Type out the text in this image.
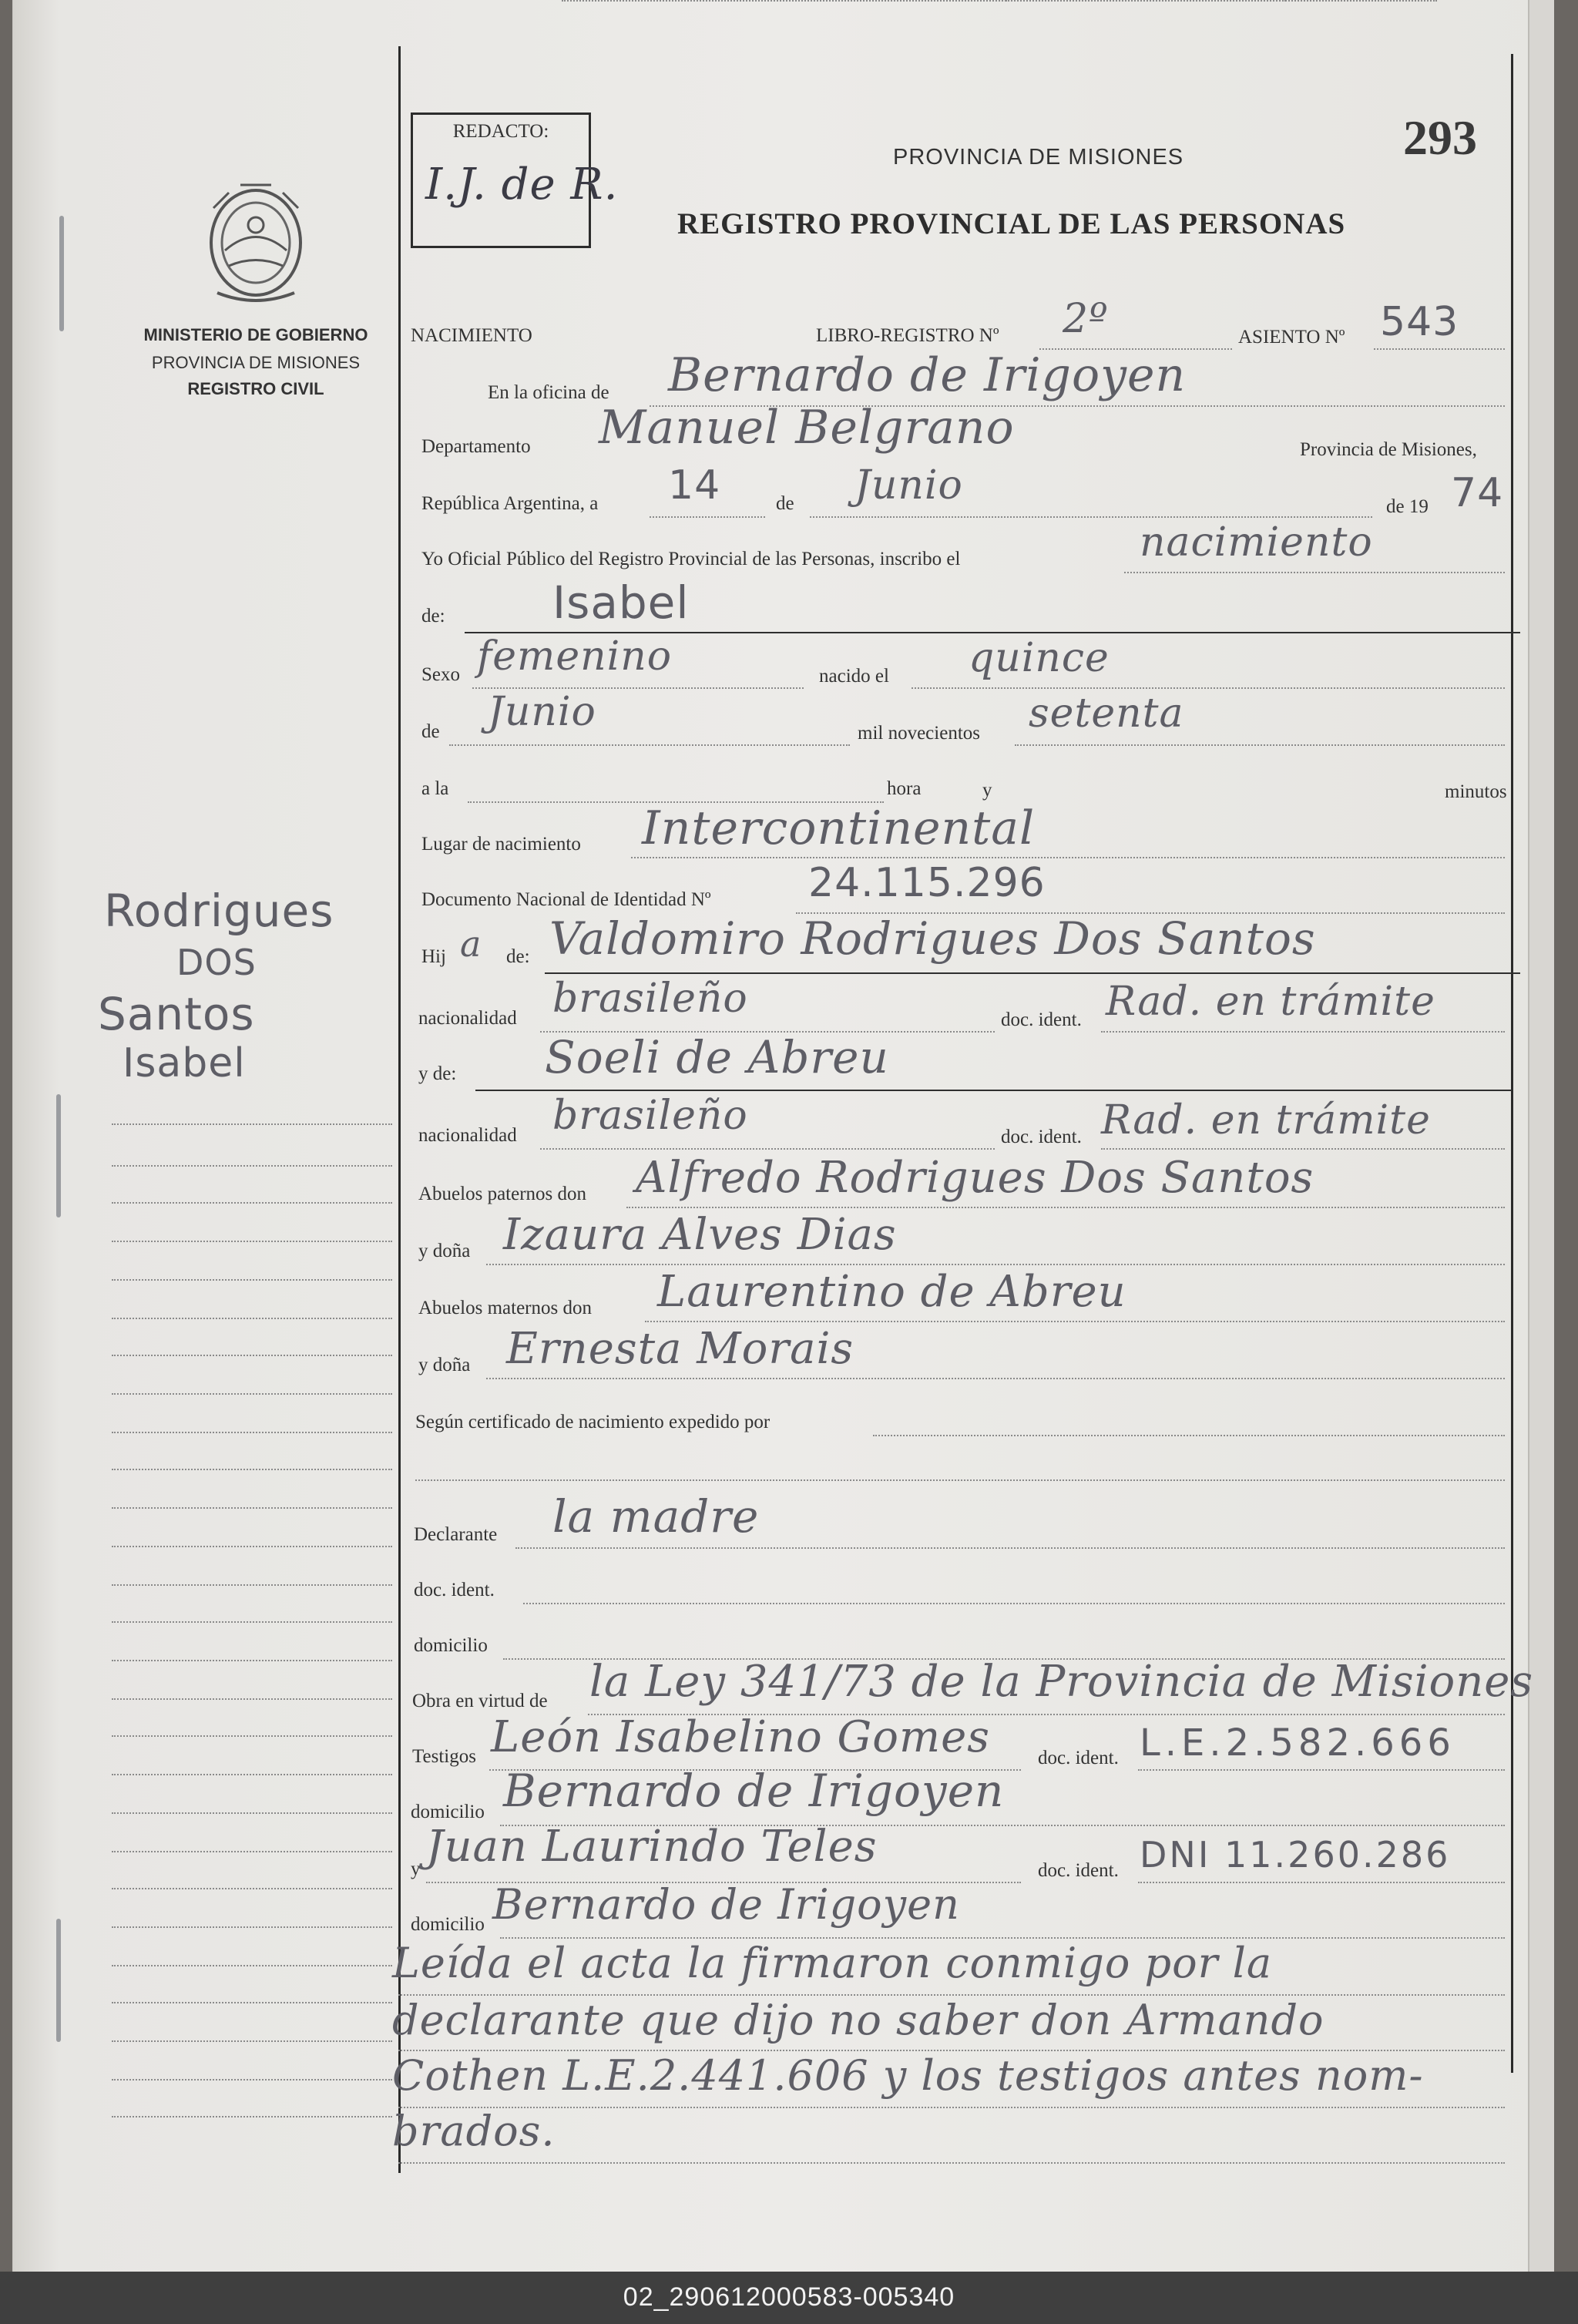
MINISTERIO DE GOBIERNO
PROVINCIA DE MISIONES
REGISTRO CIVIL
REDACTO:
I.J. de R.
PROVINCIA DE MISIONES
REGISTRO PROVINCIAL DE LAS PERSONAS
293
Rodrigues
DOS
Santos
Isabel
NACIMIENTO	LIBRO-REGISTRO Nº 2º	ASIENTO Nº 543
En la oficina de Bernardo de Irigoyen
Departamento Manuel Belgrano	Provincia de Misiones,
República Argentina, a 14	de Junio	de 19 74
Yo Oficial Público del Registro Provincial de las Personas, inscribo el	nacimiento
de: Isabel
Sexo femenino	nacido el quince
de Junio	mil novecientos setenta
a la	hora	y	minutos
Lugar de nacimiento Intercontinental
Documento Nacional de Identidad Nº 24.115.296
Hij a de: Valdomiro Rodrigues Dos Santos
nacionalidad brasileño	doc. ident. Rad. en trámite
y de: Soeli de Abreu
nacionalidad brasileño	doc. ident. Rad. en trámite
Abuelos paternos don Alfredo Rodrigues Dos Santos
y doña Izaura Alves Dias
Abuelos maternos don Laurentino de Abreu
y doña Ernesta Morais
Según certificado de nacimiento expedido por
Declarante la madre
doc. ident.
domicilio
Obra en virtud de la Ley 341/73 de la Provincia de Misiones
Testigos León Isabelino Gomes doc. ident. L.E.2.582.666
domicilio Bernardo de Irigoyen
y Juan Laurindo Teles	doc. ident. DNI 11.260.286
domicilio Bernardo de Irigoyen
Leída el acta la firmaron conmigo por la
declarante que dijo no saber don Armando
Cothen L.E.2.441.606 y los testigos antes nom-
brados.
02_290612000583-005340
